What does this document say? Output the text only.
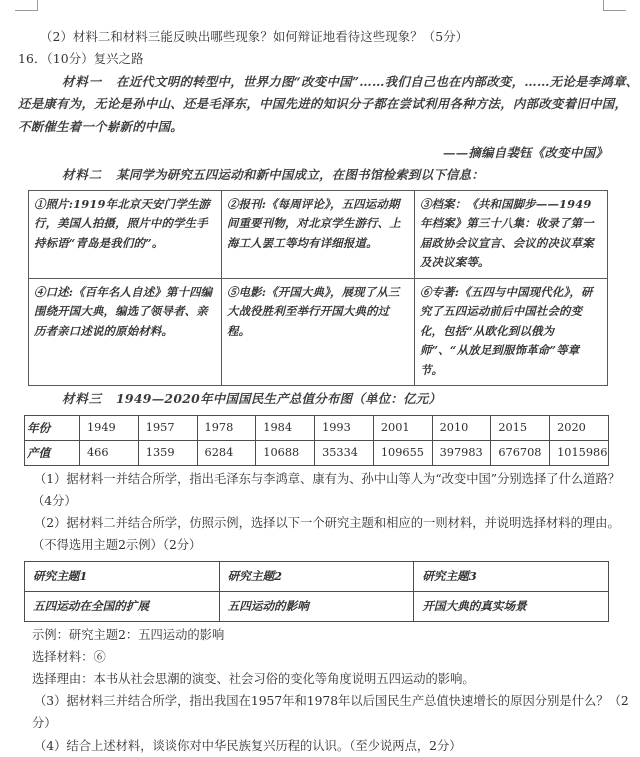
（2）材料二和材料三能反映出哪些现象？如何辩证地看待这些现象？（5分）
16．（10分）复兴之路
材料一 在近代文明的转型中，世界力图“改变中国”……我们自己也在内部改变，……无论是李鸿章、
还是康有为，无论是孙中山、还是毛泽东，中国先进的知识分子都在尝试利用各种方法，内部改变着旧中国，
不断催生着一个崭新的中国。
——摘编自裴钰《改变中国》
材料二 某同学为研究五四运动和新中国成立，在图书馆检索到以下信息：
①照片:1919年北京天安门学生游行，美国人拍摄，照片中的学生手持标语“青岛是我们的”。	②报刊:《每周评论》，五四运动期间重要刊物，对北京学生游行、上海工人罢工等均有详细报道。	③档案：《共和国脚步——1949年档案》第三十八集：收录了第一届政协会议宣言、会议的决议草案及决议案等。

④口述:《百年名人自述》第十四编围绕开国大典，编选了领导者、亲历者亲口述说的原始材料。	⑤电影:《开国大典》，展现了从三大战役胜利至举行开国大典的过程。	⑥专著:《五四与中国现代化》，研究了五四运动前后中国社会的变化，包括“从欧化到以俄为师”、“从放足到服饰革命”等章节。
材料三 1949—2020年中国国民生产总值分布图（单位：亿元）
年份	1949	1957	1978	1984	1993	2001	2010	2015	2020
产值	466	1359	6284	10688	35334	109655	397983	676708	1015986
（1）据材料一并结合所学，指出毛泽东与李鸿章、康有为、孙中山等人为“改变中国”分别选择了什么道路？
（4分）
（2）据材料二并结合所学，仿照示例，选择以下一个研究主题和相应的一则材料，并说明选择材料的理由。
（不得选用主题2示例）（2分）
研究主题1	研究主题2	研究主题3
五四运动在全国的扩展	五四运动的影响	开国大典的真实场景
示例：研究主题2：五四运动的影响
选择材料：⑥
选择理由：本书从社会思潮的演变、社会习俗的变化等角度说明五四运动的影响。
（3）据材料三并结合所学，指出我国在1957年和1978年以后国民生产总值快速增长的原因分别是什么？（2
分）
（4）结合上述材料，谈谈你对中华民族复兴历程的认识。（至少说两点，2分）
